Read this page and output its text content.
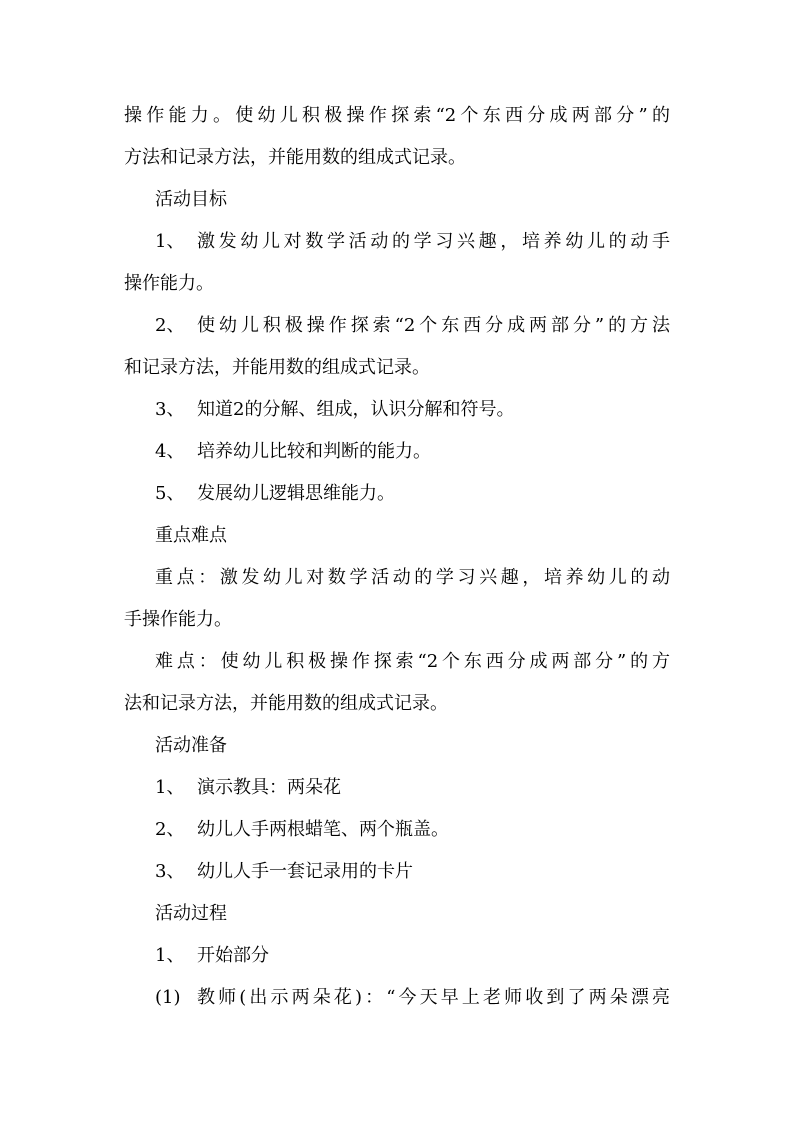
操作能力。使幼儿积极操作探索“2个东西分成两部分”的
方法和记录方法，并能用数的组成式记录。
活动目标
1、 激发幼儿对数学活动的学习兴趣，培养幼儿的动手
操作能力。
2、 使幼儿积极操作探索“2个东西分成两部分”的方法
和记录方法，并能用数的组成式记录。
3、 知道2的分解、组成，认识分解和符号。
4、 培养幼儿比较和判断的能力。
5、 发展幼儿逻辑思维能力。
重点难点
重点：激发幼儿对数学活动的学习兴趣，培养幼儿的动
手操作能力。
难点：使幼儿积极操作探索“2个东西分成两部分”的方
法和记录方法，并能用数的组成式记录。
活动准备
1、 演示教具：两朵花
2、 幼儿人手两根蜡笔、两个瓶盖。
3、 幼儿人手一套记录用的卡片
活动过程
1、 开始部分
(1) 教师(出示两朵花)：“今天早上老师收到了两朵漂亮
